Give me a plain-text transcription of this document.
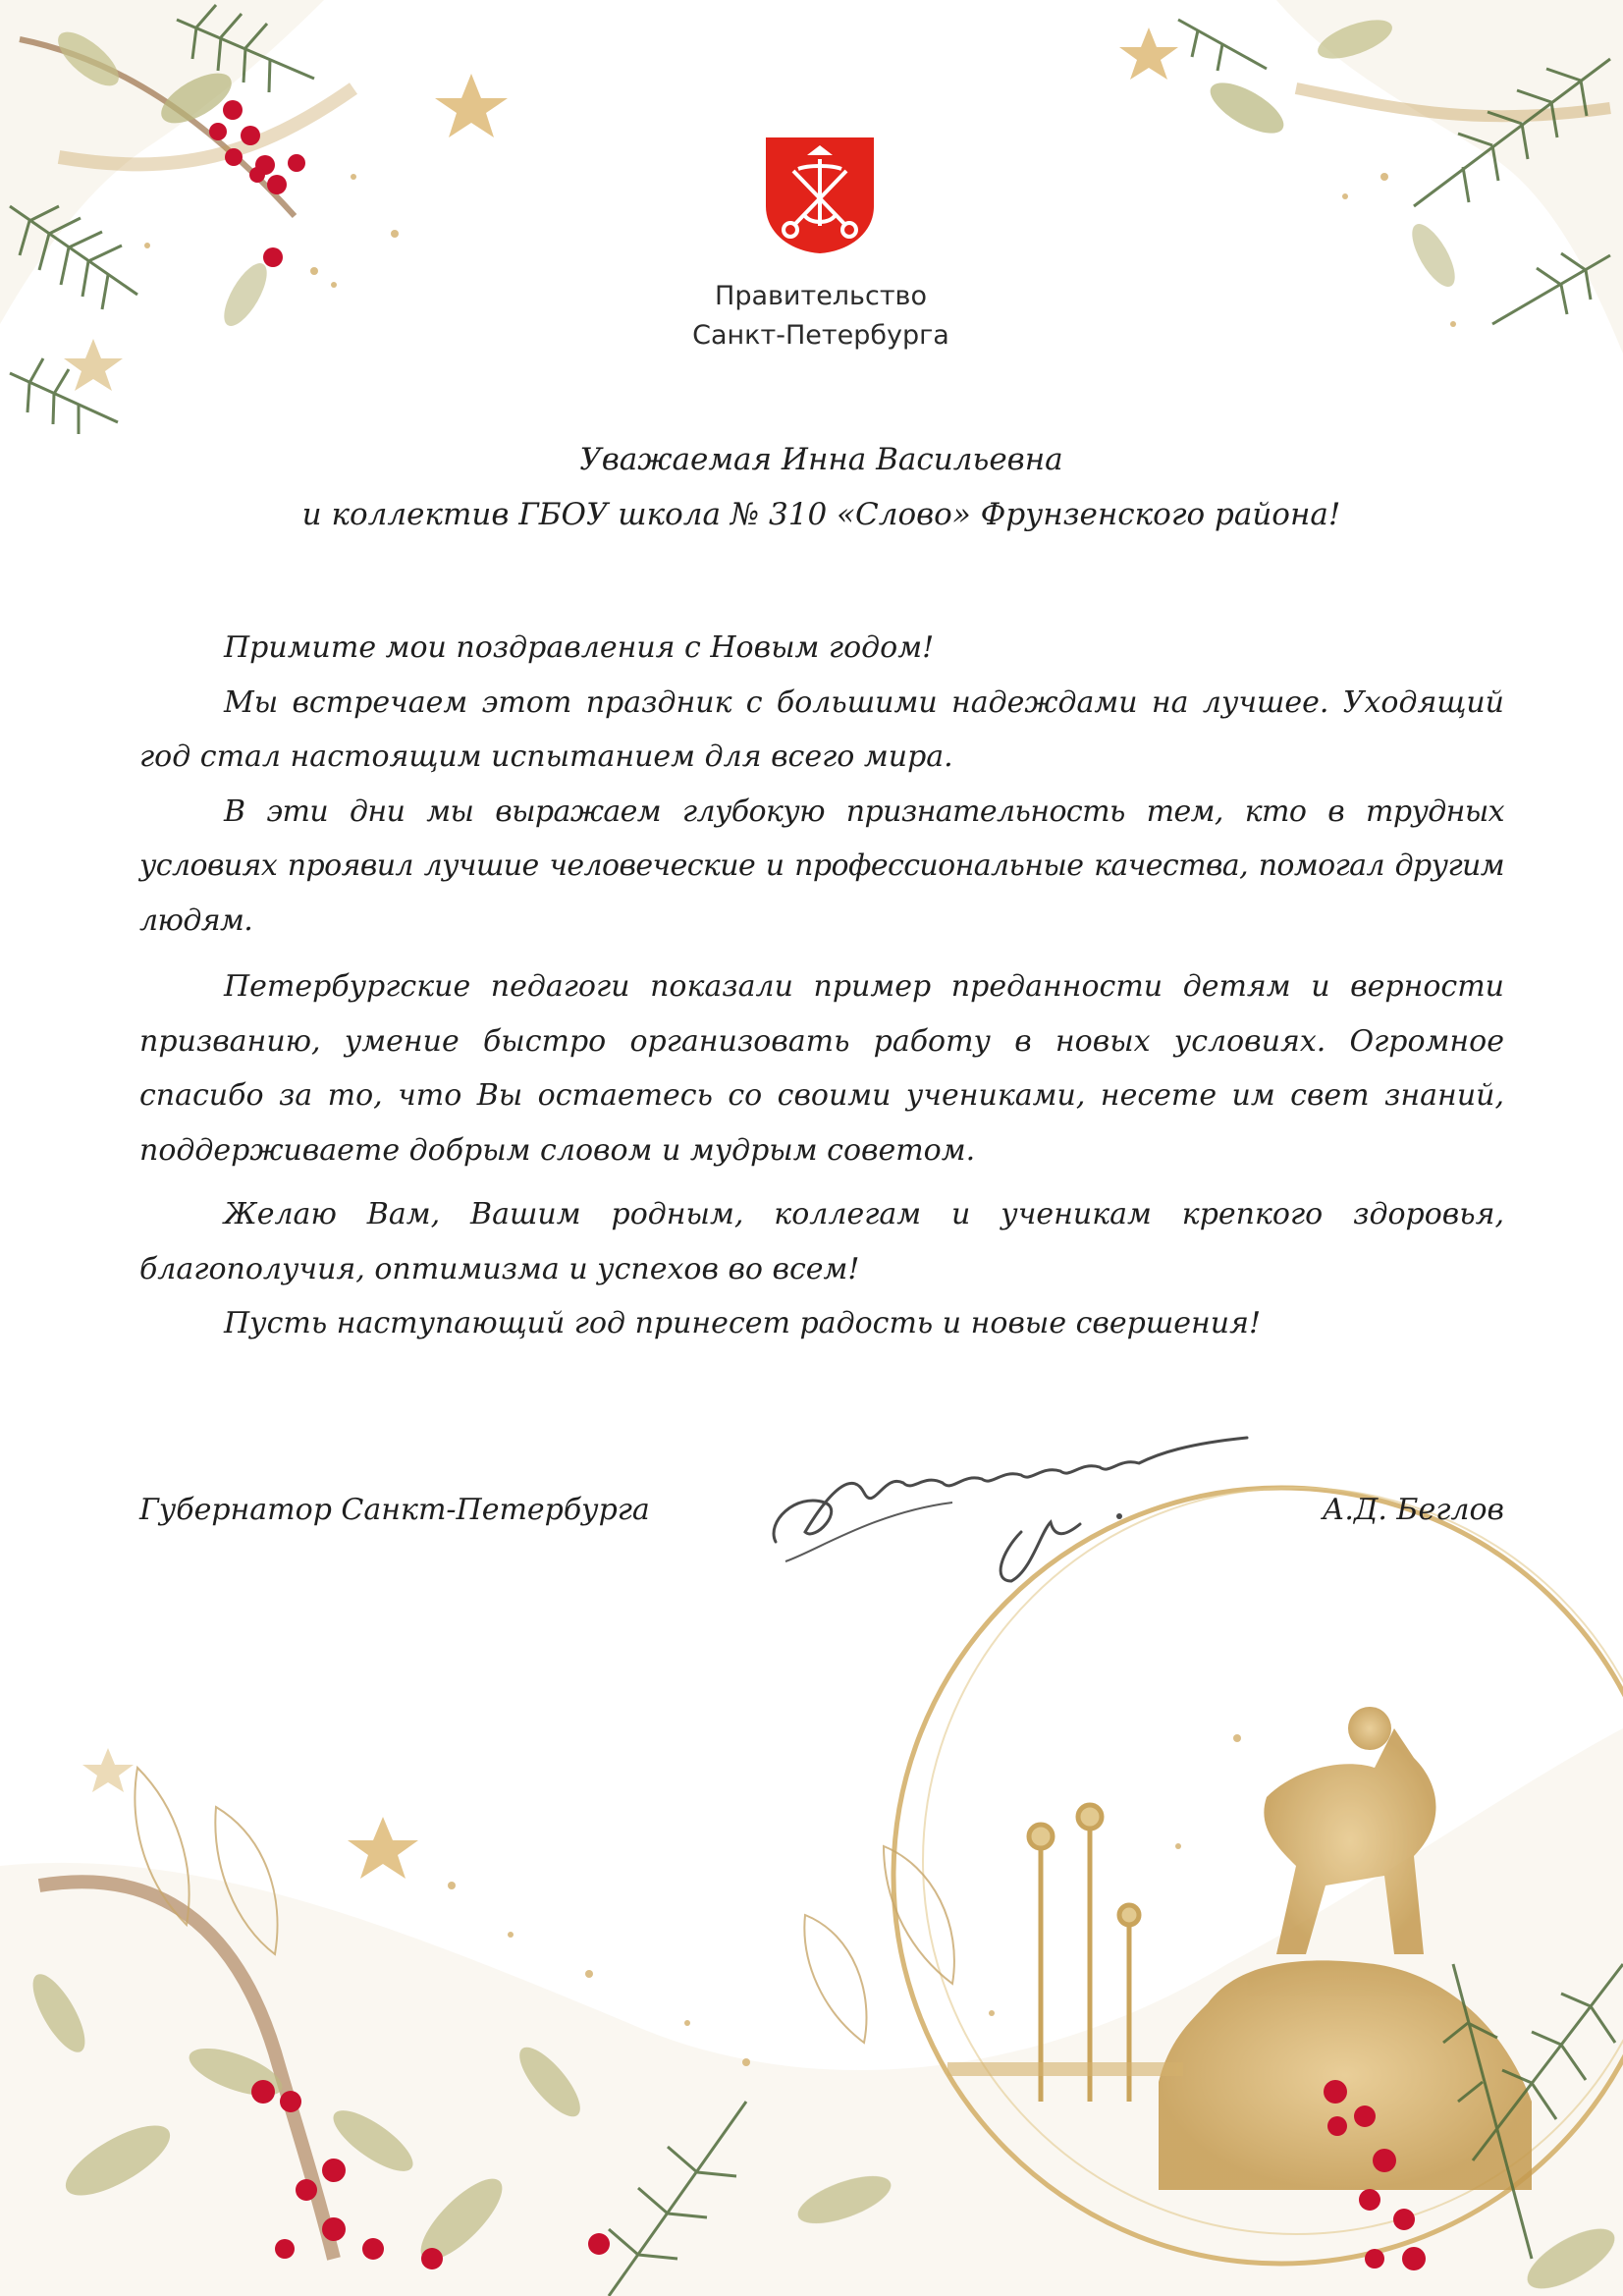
Правительство
Санкт-Петербурга
Уважаемая Инна Васильевна
и коллектив ГБОУ школа № 310 «Слово» Фрунзенского района!

Примите мои поздравления с Новым годом!

Мы встречаем этот праздник с большими надеждами на лучшее. Уходящий год стал настоящим испытанием для всего мира.

В эти дни мы выражаем глубокую признательность тем, кто в трудных условиях проявил лучшие человеческие и профессиональные качества, помогал другим людям.

Петербургские педагоги показали пример преданности детям и верности призванию, умение быстро организовать работу в новых условиях. Огромное спасибо за то, что Вы остаетесь со своими учениками, несете им свет знаний, поддерживаете добрым словом и мудрым советом.

Желаю Вам, Вашим родным, коллегам и ученикам крепкого здоровья, благополучия, оптимизма и успехов во всем!

Пусть наступающий год принесет радость и новые свершения!

Губернатор Санкт-Петербурга	А.Д. Беглов
